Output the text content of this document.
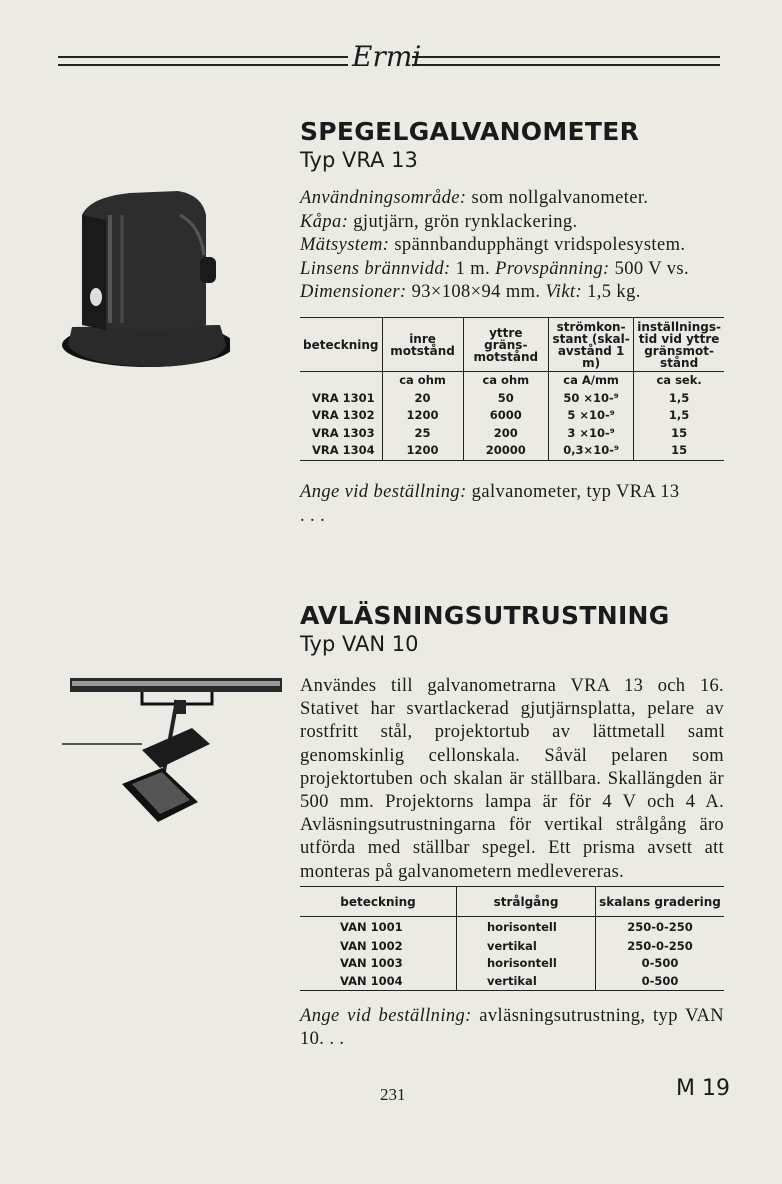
Ermi
SPEGELGALVANOMETER
Typ VRA 13
Användningsområde: som nollgalvanometer.
Kåpa: gjutjärn, grön rynklackering.
Mätsystem: spännbandupphängt vridspolesystem.
Linsens brännvidd: 1 m. Provspänning: 500 V vs.
Dimensioner: 93×108×94 mm. Vikt: 1,5 kg.
beteckning	inre motstånd	yttre gräns-motstånd	strömkon-stant (skal-avstånd 1 m)	inställnings-tid vid yttre gränsmot-stånd
	ca ohm	ca ohm	ca A/mm	ca sek.
VRA 1301	20	50	50 ×10-⁹	1,5
VRA 1302	1200	6000	5 ×10-⁹	1,5
VRA 1303	25	200	3 ×10-⁹	15
VRA 1304	1200	20000	0,3×10-⁹	15
Ange vid beställning: galvanometer, typ VRA 13
. . .
AVLÄSNINGSUTRUSTNING
Typ VAN 10
Användes till galvanometrarna VRA 13 och 16. Stativet har svartlackerad gjutjärnsplatta, pelare av rostfritt stål, projektortub av lättmetall samt genomskinlig cellonskala. Såväl pelaren som projektortuben och skalan är ställbara. Skallängden är 500 mm. Projektorns lampa är för 4 V och 4 A. Avläsningsutrustningarna för vertikal strålgång äro utförda med ställbar spegel. Ett prisma avsett att monteras på galvanometern medlevereras.
beteckning	strålgång	skalans gradering
VAN 1001	horisontell	250-0-250
VAN 1002	vertikal	250-0-250
VAN 1003	horisontell	0-500
VAN 1004	vertikal	0-500
Ange vid beställning: avläsningsutrustning, typ VAN 10. . .
231	M 19
